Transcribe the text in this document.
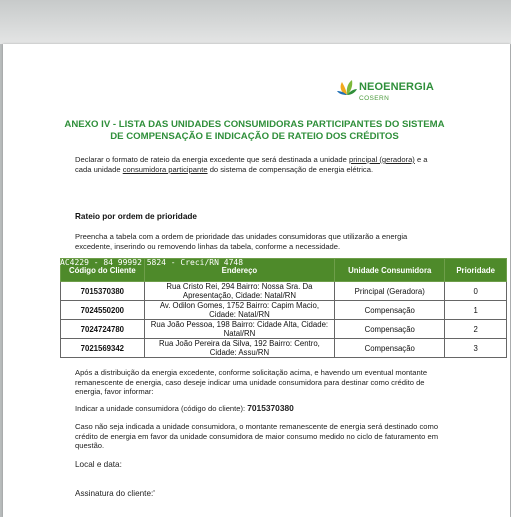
NEOENERGIA
COSERN
ANEXO IV - LISTA DAS UNIDADES CONSUMIDORAS PARTICIPANTES DO SISTEMA DE COMPENSAÇÃO E INDICAÇÃO DE RATEIO DOS CRÉDITOS
Declarar o formato de rateio da energia excedente que será destinada a unidade principal (geradora) e a cada unidade consumidora participante do sistema de compensação de energia elétrica.
Rateio por ordem de prioridade
Preencha a tabela com a ordem de prioridade das unidades consumidoras que utilizarão a energia excedente, inserindo ou removendo linhas da tabela, conforme a necessidade.
AC4229 - 84 99992 5824 - Creci/RN 4748
Código do Cliente	Endereço	Unidade Consumidora	Prioridade
7015370380	Rua Cristo Rei, 294 Bairro: Nossa Sra. Da Apresentação, Cidade: Natal/RN	Principal (Geradora)	0
7024550200	Av. Odilon Gomes, 1752 Bairro: Capim Macio, Cidade: Natal/RN	Compensação	1
7024724780	Rua João Pessoa, 198 Bairro: Cidade Alta, Cidade: Natal/RN	Compensação	2
7021569342	Rua João Pereira da Silva, 192 Bairro: Centro, Cidade: Assu/RN	Compensação	3
Após a distribuição da energia excedente, conforme solicitação acima, e havendo um eventual montante remanescente de energia, caso deseje indicar uma unidade consumidora para destinar como crédito de energia, favor informar:
Indicar a unidade consumidora (código do cliente): 7015370380
Caso não seja indicada a unidade consumidora, o montante remanescente de energia será destinado como crédito de energia em favor da unidade consumidora de maior consumo medido no ciclo de faturamento em questão.
Local e data:
Assinatura do cliente:'
